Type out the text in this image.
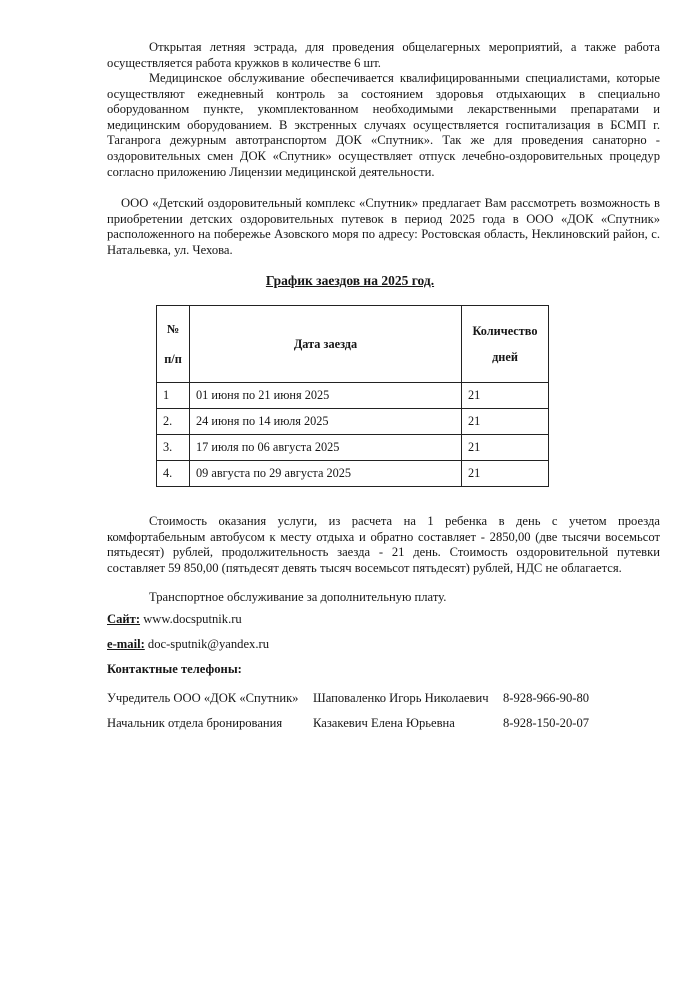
Открытая летняя эстрада, для проведения общелагерных мероприятий, а также работа осуществляется работа кружков в количестве 6 шт.

Медицинское обслуживание обеспечивается квалифицированными специалистами, которые осуществляют ежедневный контроль за состоянием здоровья отдыхающих в специально оборудованном пункте, укомплектованном необходимыми лекарственными препаратами и медицинским оборудованием. В экстренных случаях осуществляется госпитализация в БСМП г. Таганрога дежурным автотранспортом ДОК «Спутник». Так же для проведения санаторно - оздоровительных смен ДОК «Спутник» осуществляет отпуск лечебно-оздоровительных процедур согласно приложению Лицензии медицинской деятельности.

ООО «Детский оздоровительный комплекс «Спутник» предлагает Вам рассмотреть возможность в приобретении детских оздоровительных путевок в период 2025 года в ООО «ДОК «Спутник» расположенного на побережье Азовского моря по адресу: Ростовская область, Неклиновский район, с. Натальевка, ул. Чехова.

График заездов на 2025 год.

№ п/п	Дата заезда	Количество дней
1	01 июня по 21 июня 2025	21
2.	24 июня по 14 июля 2025	21
3.	17 июля по 06 августа 2025	21
4.	09 августа по 29 августа 2025	21

Стоимость оказания услуги, из расчета на 1 ребенка в день с учетом проезда комфортабельным автобусом к месту отдыха и обратно составляет - 2850,00 (две тысячи восемьсот пятьдесят) рублей, продолжительность заезда - 21 день. Стоимость оздоровительной путевки составляет 59 850,00 (пятьдесят девять тысяч восемьсот пятьдесят) рублей, НДС не облагается.

Транспортное обслуживание за дополнительную плату.

Сайт: www.docsputnik.ru
e-mail: doc-sputnik@yandex.ru
Контактные телефоны:
Учредитель ООО «ДОК «Спутник» Шаповаленко Игорь Николаевич 8-928-966-90-80
Начальник отдела бронирования Казакевич Елена Юрьевна	8-928-150-20-07
